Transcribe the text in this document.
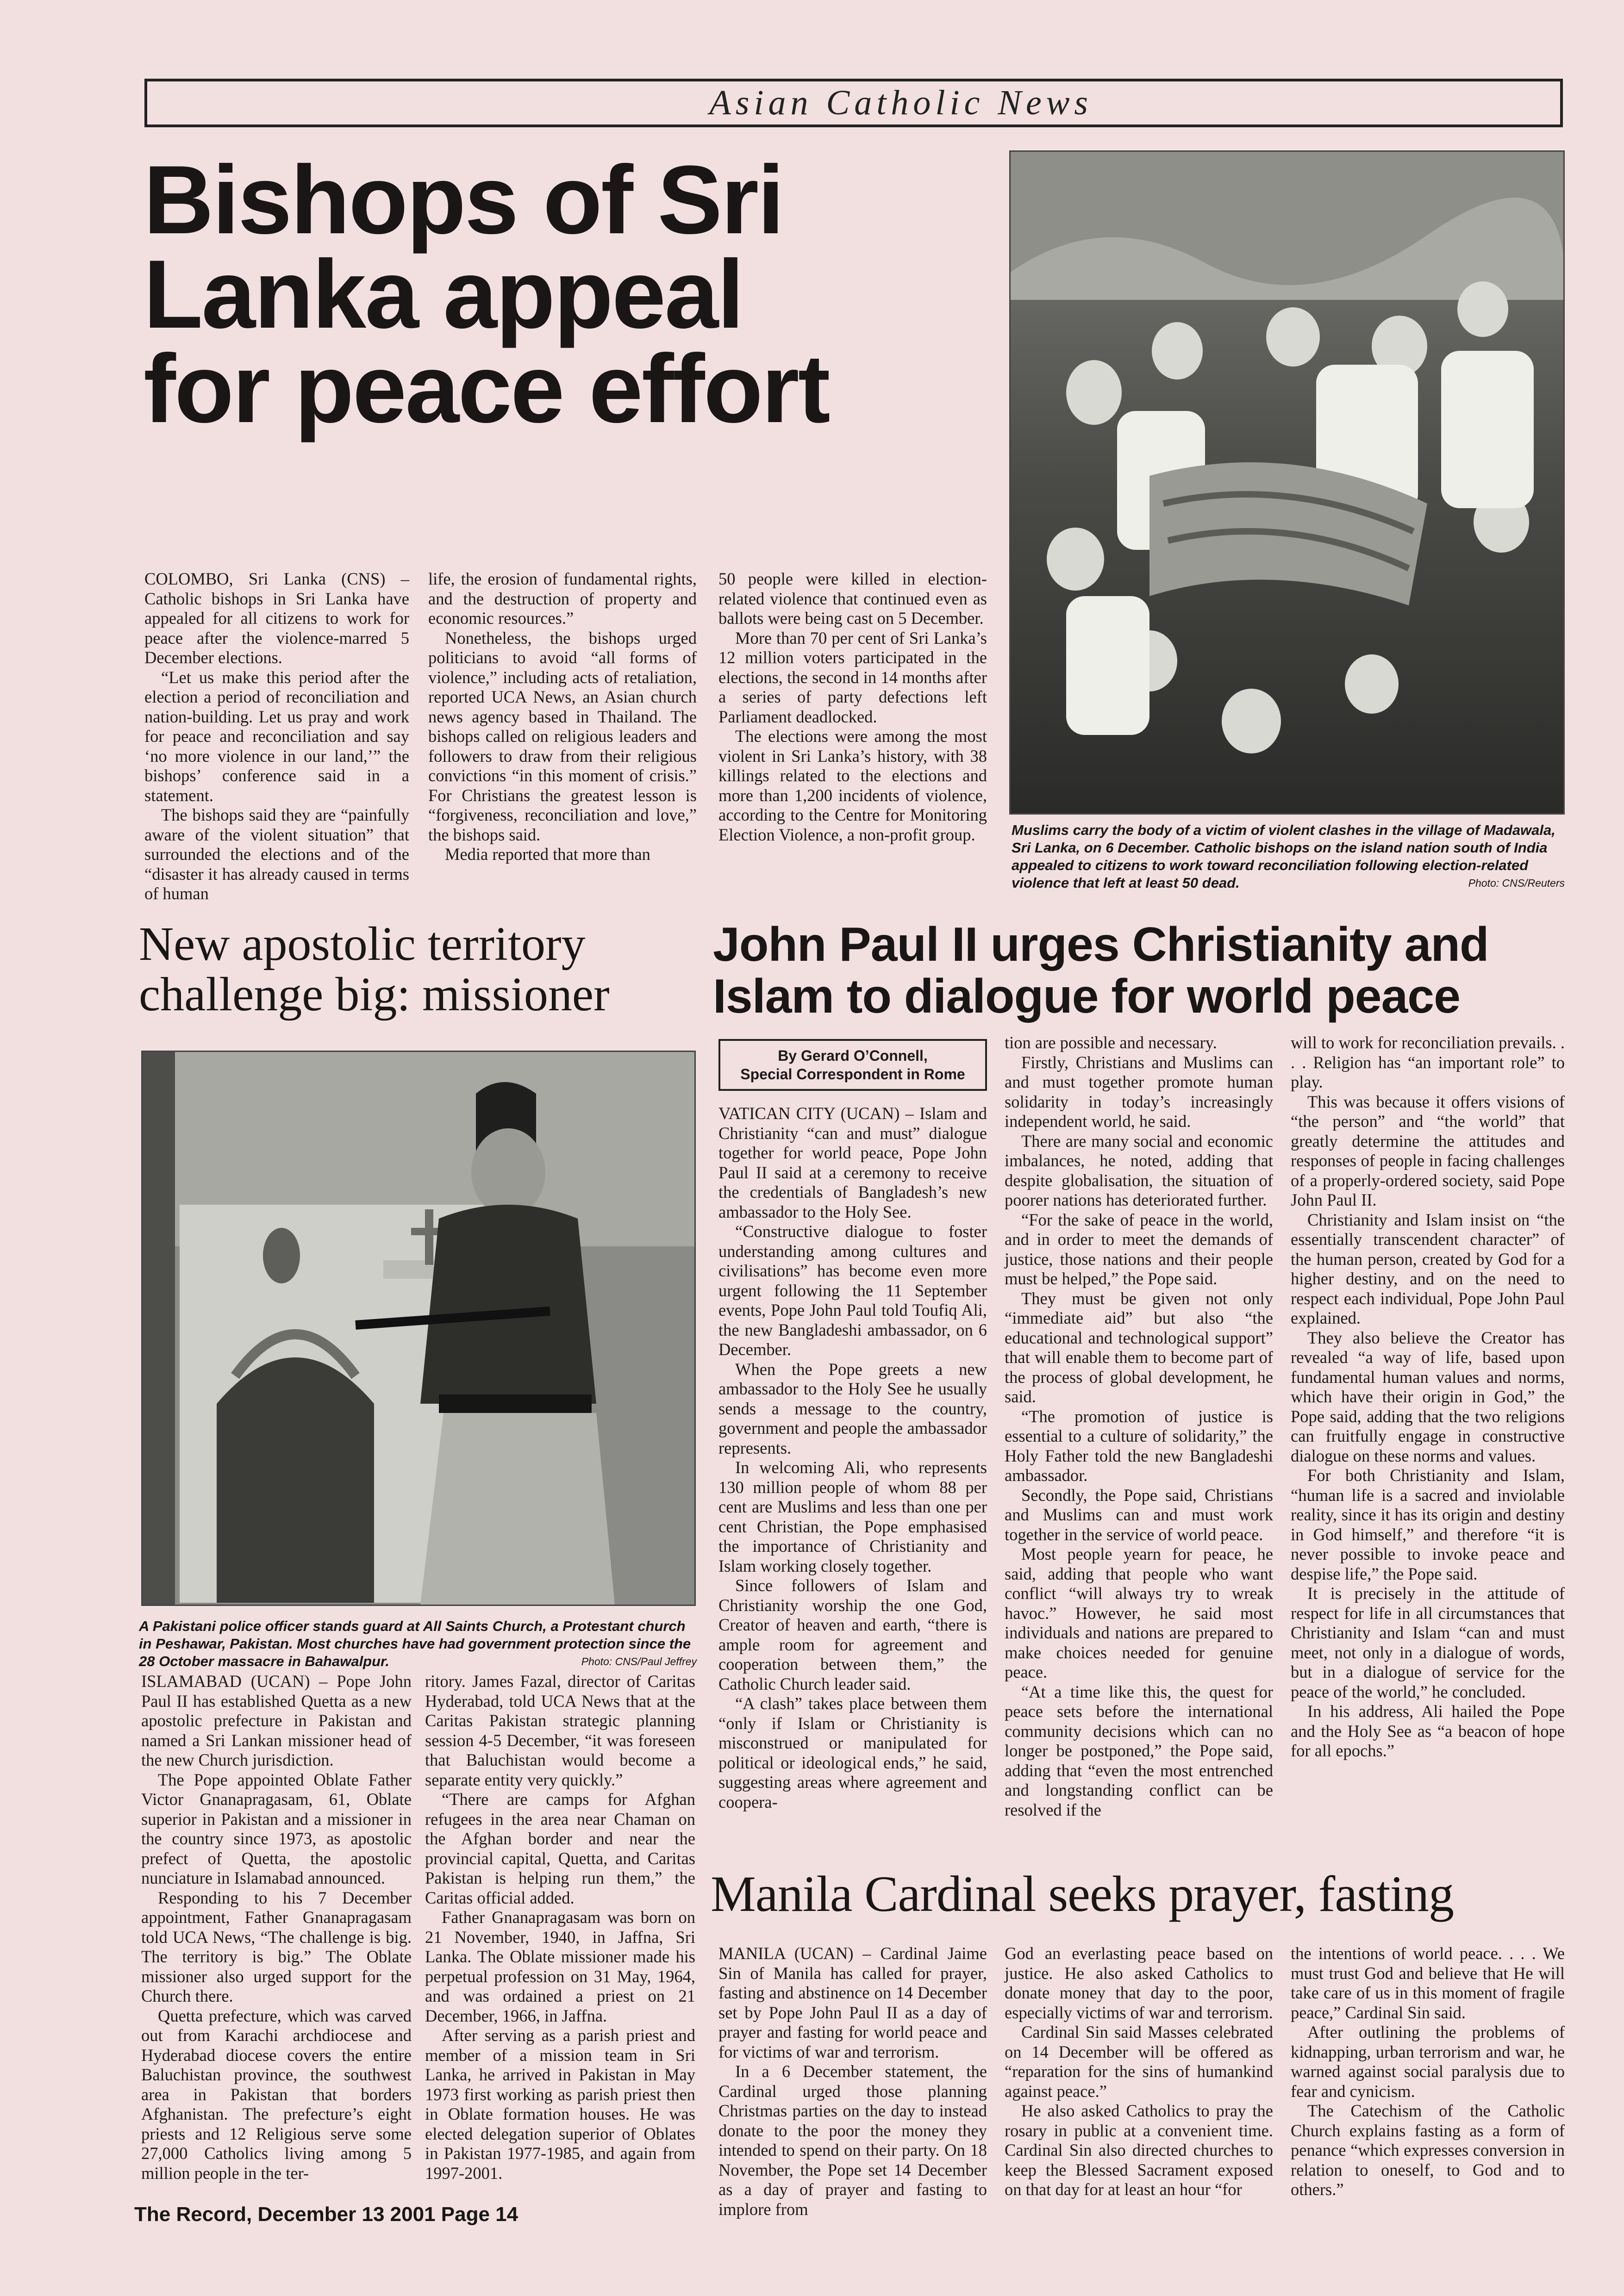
Asian Catholic News
Bishops of Sri
Lanka appeal
for peace effort

COLOMBO, Sri Lanka (CNS) – Catholic bishops in Sri Lanka have appealed for all citizens to work for peace after the violence-marred 5 December elections.

“Let us make this period after the election a period of reconciliation and nation-building. Let us pray and work for peace and reconciliation and say ‘no more violence in our land,’” the bishops’ conference said in a statement.

The bishops said they are “painfully aware of the violent situation” that surrounded the elections and of the “disaster it has already caused in terms of human

life, the erosion of fundamental rights, and the destruction of property and economic resources.”

Nonetheless, the bishops urged politicians to avoid “all forms of violence,” including acts of retaliation, reported UCA News, an Asian church news agency based in Thailand. The bishops called on religious leaders and followers to draw from their religious convictions “in this moment of crisis.” For Christians the greatest lesson is “forgiveness, reconciliation and love,” the bishops said.

Media reported that more than

50 people were killed in election-related violence that continued even as ballots were being cast on 5 December.

More than 70 per cent of Sri Lanka’s 12 million voters participated in the elections, the second in 14 months after a series of party defections left Parliament deadlocked.

The elections were among the most violent in Sri Lanka’s history, with 38 killings related to the elections and more than 1,200 incidents of violence, according to the Centre for Monitoring Election Violence, a non-profit group.	Muslims carry the body of a victim of violent clashes in the village of Madawala, Sri Lanka, on 6 December. Catholic bishops on the island nation south of India appealed to citizens to work toward reconciliation following election-related violence that left at least 50 dead.	Photo: CNS/Reuters

New apostolic territory
challenge big: missioner

A Pakistani police officer stands guard at All Saints Church, a Protestant church in Peshawar, Pakistan. Most churches have had government protection since the 28 October massacre in Bahawalpur.	Photo: CNS/Paul Jeffrey

ISLAMABAD (UCAN) – Pope John Paul II has established Quetta as a new apostolic prefecture in Pakistan and named a Sri Lankan missioner head of the new Church jurisdiction.

The Pope appointed Oblate Father Victor Gnanapragasam, 61, Oblate superior in Pakistan and a missioner in the country since 1973, as apostolic prefect of Quetta, the apostolic nunciature in Islamabad announced.

Responding to his 7 December appointment, Father Gnanapragasam told UCA News, “The challenge is big. The territory is big.” The Oblate missioner also urged support for the Church there.

Quetta prefecture, which was carved out from Karachi archdiocese and Hyderabad diocese covers the entire Baluchistan province, the southwest area in Pakistan that borders Afghanistan. The prefecture’s eight priests and 12 Religious serve some 27,000 Catholics living among 5 million people in the ter-

ritory. James Fazal, director of Caritas Hyderabad, told UCA News that at the Caritas Pakistan strategic planning session 4-5 December, “it was foreseen that Baluchistan would become a separate entity very quickly.”

“There are camps for Afghan refugees in the area near Chaman on the Afghan border and near the provincial capital, Quetta, and Caritas Pakistan is helping run them,” the Caritas official added.

Father Gnanapragasam was born on 21 November, 1940, in Jaffna, Sri Lanka. The Oblate missioner made his perpetual profession on 31 May, 1964, and was ordained a priest on 21 December, 1966, in Jaffna.

After serving as a parish priest and member of a mission team in Sri Lanka, he arrived in Pakistan in May 1973 first working as parish priest then in Oblate formation houses. He was elected delegation superior of Oblates in Pakistan 1977-1985, and again from 1997-2001.

John Paul II urges Christianity and
Islam to dialogue for world peace
By Gerard O’Connell,
Special Correspondent in Rome

VATICAN CITY (UCAN) – Islam and Christianity “can and must” dialogue together for world peace, Pope John Paul II said at a ceremony to receive the credentials of Bangladesh’s new ambassador to the Holy See.

“Constructive dialogue to foster understanding among cultures and civilisations” has become even more urgent following the 11 September events, Pope John Paul told Toufiq Ali, the new Bangladeshi ambassador, on 6 December.

When the Pope greets a new ambassador to the Holy See he usually sends a message to the country, government and people the ambassador represents.

In welcoming Ali, who represents 130 million people of whom 88 per cent are Muslims and less than one per cent Christian, the Pope emphasised the importance of Christianity and Islam working closely together.

Since followers of Islam and Christianity worship the one God, Creator of heaven and earth, “there is ample room for agreement and cooperation between them,” the Catholic Church leader said.

“A clash” takes place between them “only if Islam or Christianity is misconstrued or manipulated for political or ideological ends,” he said, suggesting areas where agreement and coopera-

tion are possible and necessary.

Firstly, Christians and Muslims can and must together promote human solidarity in today’s increasingly independent world, he said.

There are many social and economic imbalances, he noted, adding that despite globalisation, the situation of poorer nations has deteriorated further.

“For the sake of peace in the world, and in order to meet the demands of justice, those nations and their people must be helped,” the Pope said.

They must be given not only “immediate aid” but also “the educational and technological support” that will enable them to become part of the process of global development, he said.

“The promotion of justice is essential to a culture of solidarity,” the Holy Father told the new Bangladeshi ambassador.

Secondly, the Pope said, Christians and Muslims can and must work together in the service of world peace.

Most people yearn for peace, he said, adding that people who want conflict “will always try to wreak havoc.” However, he said most individuals and nations are prepared to make choices needed for genuine peace.

“At a time like this, the quest for peace sets before the international community decisions which can no longer be postponed,” the Pope said, adding that “even the most entrenched and longstanding conflict can be resolved if the

will to work for reconciliation prevails. . . . Religion has “an important role” to play.

This was because it offers visions of “the person” and “the world” that greatly determine the attitudes and responses of people in facing challenges of a properly-ordered society, said Pope John Paul II.

Christianity and Islam insist on “the essentially transcendent character” of the human person, created by God for a higher destiny, and on the need to respect each individual, Pope John Paul explained.

They also believe the Creator has revealed “a way of life, based upon fundamental human values and norms, which have their origin in God,” the Pope said, adding that the two religions can fruitfully engage in constructive dialogue on these norms and values.

For both Christianity and Islam, “human life is a sacred and inviolable reality, since it has its origin and destiny in God himself,” and therefore “it is never possible to invoke peace and despise life,” the Pope said.

It is precisely in the attitude of respect for life in all circumstances that Christianity and Islam “can and must meet, not only in a dialogue of words, but in a dialogue of service for the peace of the world,” he concluded.

In his address, Ali hailed the Pope and the Holy See as “a beacon of hope for all epochs.”

Manila Cardinal seeks prayer, fasting

MANILA (UCAN) – Cardinal Jaime Sin of Manila has called for prayer, fasting and abstinence on 14 December set by Pope John Paul II as a day of prayer and fasting for world peace and for victims of war and terrorism.

In a 6 December statement, the Cardinal urged those planning Christmas parties on the day to instead donate to the poor the money they intended to spend on their party. On 18 November, the Pope set 14 December as a day of prayer and fasting to implore from

God an everlasting peace based on justice. He also asked Catholics to donate money that day to the poor, especially victims of war and terrorism.

Cardinal Sin said Masses celebrated on 14 December will be offered as “reparation for the sins of humankind against peace.”

He also asked Catholics to pray the rosary in public at a convenient time. Cardinal Sin also directed churches to keep the Blessed Sacrament exposed on that day for at least an hour “for

the intentions of world peace. . . . We must trust God and believe that He will take care of us in this moment of fragile peace,” Cardinal Sin said.

After outlining the problems of kidnapping, urban terrorism and war, he warned against social paralysis due to fear and cynicism.

The Catechism of the Catholic Church explains fasting as a form of penance “which expresses conversion in relation to oneself, to God and to others.”

The Record, December 13 2001 Page 14
